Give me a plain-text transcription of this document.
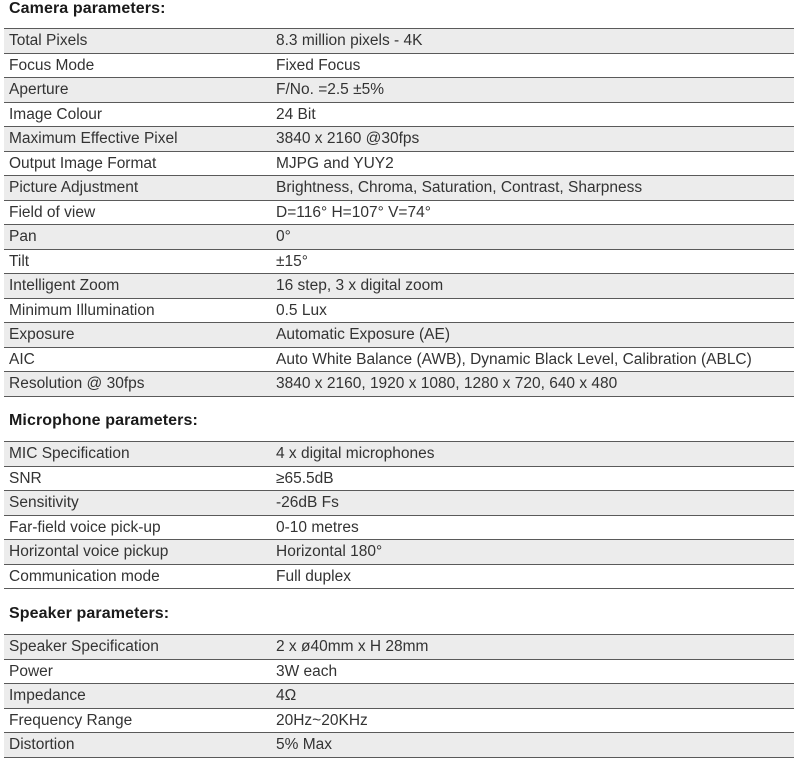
Camera parameters:
Total Pixels	8.3 million pixels - 4K
Focus Mode	Fixed Focus
Aperture	F/No. =2.5 ±5%
Image Colour	24 Bit
Maximum Effective Pixel	3840 x 2160 @30fps
Output Image Format	MJPG and YUY2
Picture Adjustment	Brightness, Chroma, Saturation, Contrast, Sharpness
Field of view	D=116° H=107° V=74°
Pan	0°
Tilt	±15°
Intelligent Zoom	16 step, 3 x digital zoom
Minimum Illumination	0.5 Lux
Exposure	Automatic Exposure (AE)
AIC	Auto White Balance (AWB), Dynamic Black Level, Calibration (ABLC)
Resolution @ 30fps	3840 x 2160, 1920 x 1080, 1280 x 720, 640 x 480
Microphone parameters:
MIC Specification	4 x digital microphones
SNR	≥65.5dB
Sensitivity	-26dB Fs
Far-field voice pick-up	0-10 metres
Horizontal voice pickup	Horizontal 180°
Communication mode	Full duplex
Speaker parameters:
Speaker Specification	2 x ø40mm x H 28mm
Power	3W each
Impedance	4Ω
Frequency Range	20Hz~20KHz
Distortion	5% Max
